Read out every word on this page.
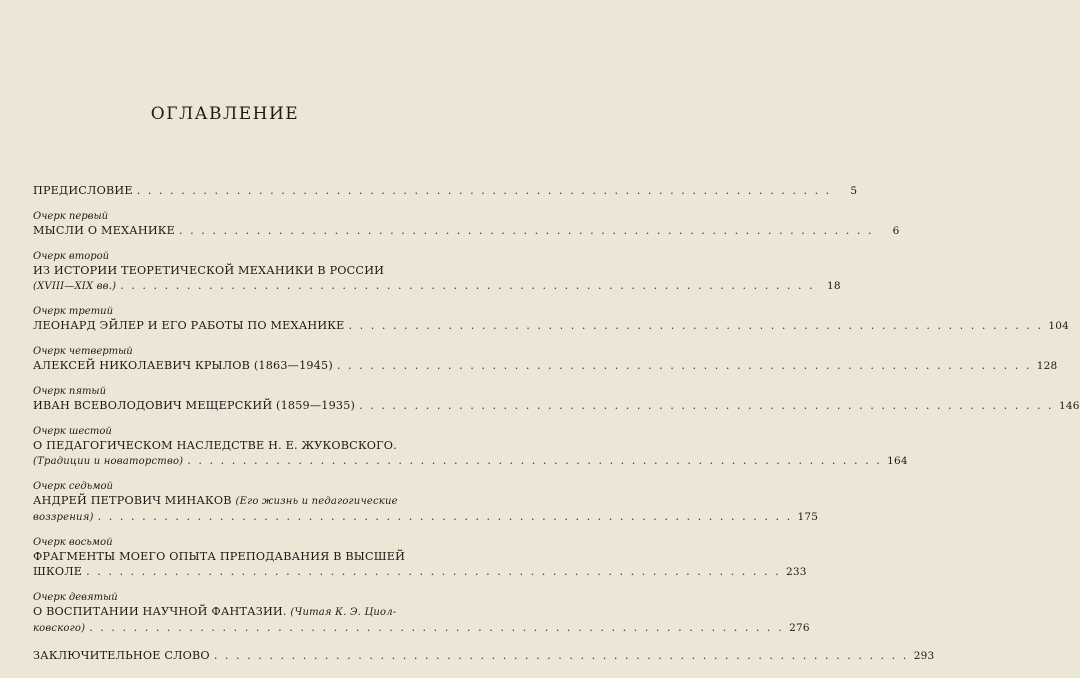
ОГЛАВЛЕНИЕ
ПРЕДИСЛОВИЕ . . . . . . . . . . . . . . . . . . . . . . . . . . . . . . . . . . . . . . . . . . . . . . . . . . . . . . . . . . . . . . .	5
Очерк первый
МЫСЛИ О МЕХАНИКЕ . . . . . . . . . . . . . . . . . . . . . . . . . . . . . . . . . . . . . . . . . . . . . . . . . . . . . . . . . . . . . . .	6
Очерк второй
ИЗ ИСТОРИИ ТЕОРЕТИЧЕСКОЙ МЕХАНИКИ В РОССИИ
(XVIII—XIX вв.) . . . . . . . . . . . . . . . . . . . . . . . . . . . . . . . . . . . . . . . . . . . . . . . . . . . . . . . . . . . . . . .	18
Очерк третий
ЛЕОНАРД ЭЙЛЕР И ЕГО РАБОТЫ ПО МЕХАНИКЕ . . . . . . . . . . . . . . . . . . . . . . . . . . . . . . . . . . . . . . . . . . . . . . . . . . . . . . . . . . . . . . . 104
Очерк четвертый
АЛЕКСЕЙ НИКОЛАЕВИЧ КРЫЛОВ (1863—1945) . . . . . . . . . . . . . . . . . . . . . . . . . . . . . . . . . . . . . . . . . . . . . . . . . . . . . . . . . . . . . . . 128
Очерк пятый
ИВАН ВСЕВОЛОДОВИЧ МЕЩЕРСКИЙ (1859—1935) . . . . . . . . . . . . . . . . . . . . . . . . . . . . . . . . . . . . . . . . . . . . . . . . . . . . . . . . . . . . . . . 146
Очерк шестой
О ПЕДАГОГИЧЕСКОМ НАСЛЕДСТВЕ Н. Е. ЖУКОВСКОГО.
(Традиции и новаторство) . . . . . . . . . . . . . . . . . . . . . . . . . . . . . . . . . . . . . . . . . . . . . . . . . . . . . . . . . . . . . . . 164
Очерк седьмой
АНДРЕЙ ПЕТРОВИЧ МИНАКОВ (Его жизнь и педагогические
воззрения) . . . . . . . . . . . . . . . . . . . . . . . . . . . . . . . . . . . . . . . . . . . . . . . . . . . . . . . . . . . . . . . 175
Очерк восьмой
ФРАГМЕНТЫ МОЕГО ОПЫТА ПРЕПОДАВАНИЯ В ВЫСШЕЙ
ШКОЛЕ . . . . . . . . . . . . . . . . . . . . . . . . . . . . . . . . . . . . . . . . . . . . . . . . . . . . . . . . . . . . . . . 233
Очерк девятый
О ВОСПИТАНИИ НАУЧНОЙ ФАНТАЗИИ. (Читая К. Э. Циол-
ковского) . . . . . . . . . . . . . . . . . . . . . . . . . . . . . . . . . . . . . . . . . . . . . . . . . . . . . . . . . . . . . . . 276
ЗАКЛЮЧИТЕЛЬНОЕ СЛОВО . . . . . . . . . . . . . . . . . . . . . . . . . . . . . . . . . . . . . . . . . . . . . . . . . . . . . . . . . . . . . . . 293
